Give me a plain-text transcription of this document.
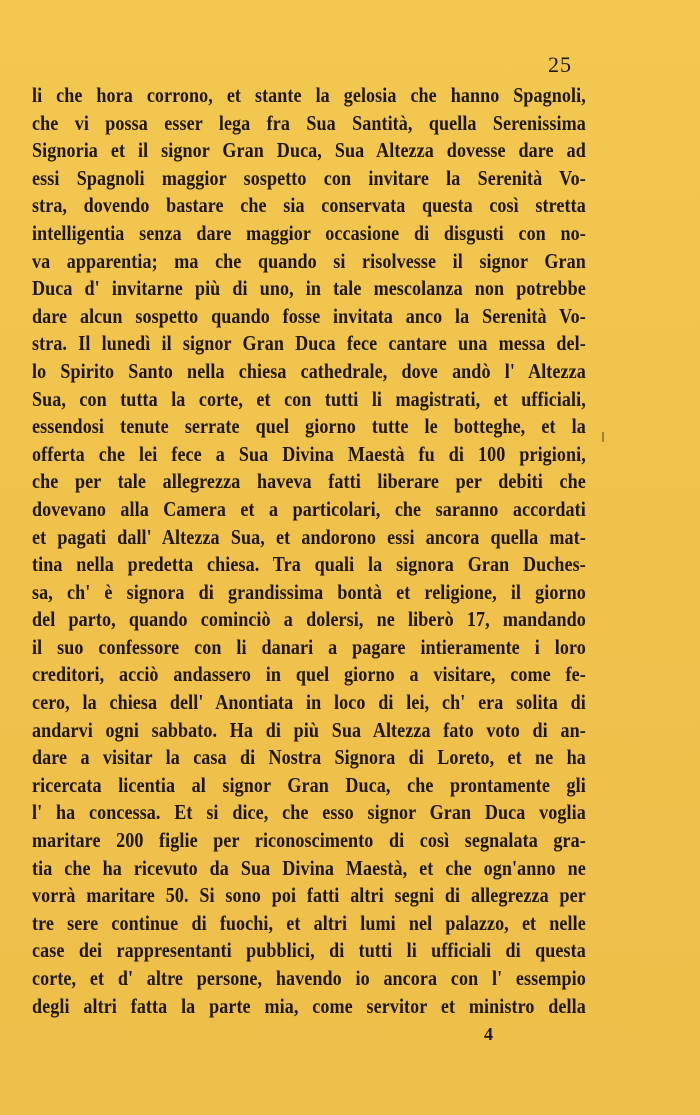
25
li che hora corrono, et stante la gelosia che hanno Spagnoli,
che vi possa esser lega fra Sua Santità, quella Serenissima
Signoria et il signor Gran Duca, Sua Altezza dovesse dare ad
essi Spagnoli maggior sospetto con invitare la Serenità Vo-
stra, dovendo bastare che sia conservata questa così stretta
intelligentia senza dare maggior occasione di disgusti con no-
va apparentia; ma che quando si risolvesse il signor Gran
Duca d' invitarne più di uno, in tale mescolanza non potrebbe
dare alcun sospetto quando fosse invitata anco la Serenità Vo-
stra. Il lunedì il signor Gran Duca fece cantare una messa del-
lo Spirito Santo nella chiesa cathedrale, dove andò l' Altezza
Sua, con tutta la corte, et con tutti li magistrati, et ufficiali,
essendosi tenute serrate quel giorno tutte le botteghe, et la
offerta che lei fece a Sua Divina Maestà fu di 100 prigioni,
che per tale allegrezza haveva fatti liberare per debiti che
dovevano alla Camera et a particolari, che saranno accordati
et pagati dall' Altezza Sua, et andorono essi ancora quella mat-
tina nella predetta chiesa. Tra quali la signora Gran Duches-
sa, ch' è signora di grandissima bontà et religione, il giorno
del parto, quando cominciò a dolersi, ne liberò 17, mandando
il suo confessore con li danari a pagare intieramente i loro
creditori, acciò andassero in quel giorno a visitare, come fe-
cero, la chiesa dell' Anontiata in loco di lei, ch' era solita di
andarvi ogni sabbato. Ha di più Sua Altezza fato voto di an-
dare a visitar la casa di Nostra Signora di Loreto, et ne ha
ricercata licentia al signor Gran Duca, che prontamente gli
l' ha concessa. Et si dice, che esso signor Gran Duca voglia
maritare 200 figlie per riconoscimento di così segnalata gra-
tia che ha ricevuto da Sua Divina Maestà, et che ogn'anno ne
vorrà maritare 50. Si sono poi fatti altri segni di allegrezza per
tre sere continue di fuochi, et altri lumi nel palazzo, et nelle
case dei rappresentanti pubblici, di tutti li ufficiali di questa
corte, et d' altre persone, havendo io ancora con l' essempio
degli altri fatta la parte mia, come servitor et ministro della
4
